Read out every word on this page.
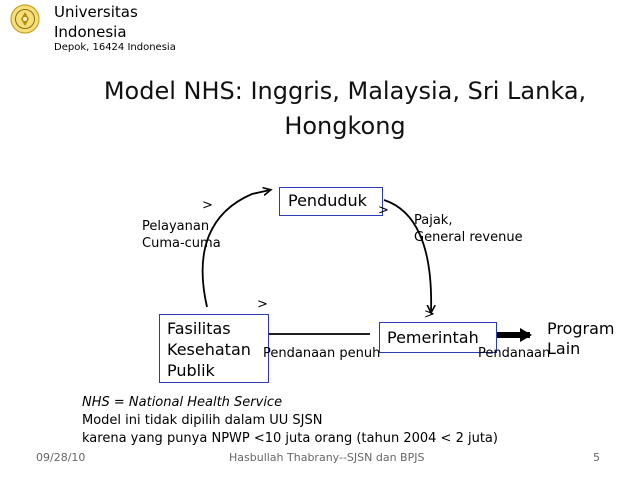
Universitas Indonesia
Depok, 16424 Indonesia
Model NHS: Inggris, Malaysia, Sri Lanka, Hongkong
Penduduk
Pemerintah
Fasilitas
Kesehatan
Publik
Program Lain
Pelayanan
Cuma-cuma
Pajak,
General revenue
Pendanaan penuh	Pendanaan
>	>
>
>
NHS = National Health Service
Model ini tidak dipilih dalam UU SJSN
karena yang punya NPWP <10 juta orang (tahun 2004 < 2 juta)
09/28/10	Hasbullah Thabrany--SJSN dan BPJS	5
